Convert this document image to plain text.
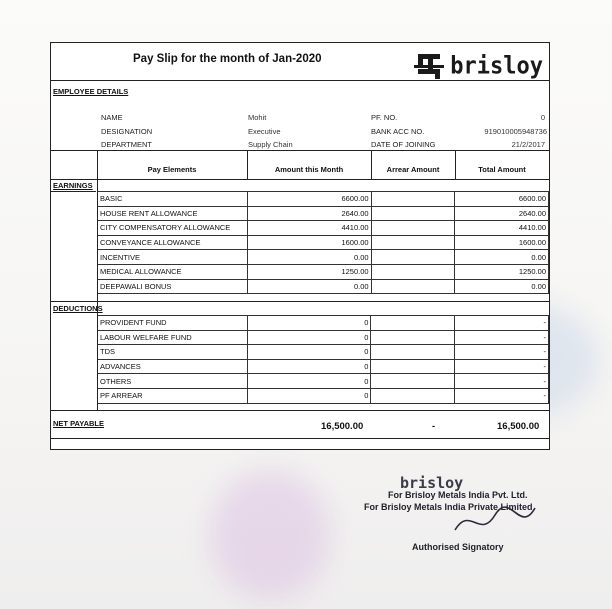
Pay Slip for the month of Jan-2020	brisloy
EMPLOYEE DETAILS
NAME	Mohit
DESIGNATION	Executive
DEPARTMENT	Supply Chain
PF. NO.	0
BANK ACC NO.	919010005948736
DATE OF JOINING	21/2/2017
Pay Elements	Amount this Month	Arrear Amount	Total Amount
EARNINGS
BASIC	6600.00		6600.00
HOUSE RENT ALLOWANCE	2640.00		2640.00
CITY COMPENSATORY ALLOWANCE	4410.00		4410.00
CONVEYANCE ALLOWANCE	1600.00		1600.00
INCENTIVE	0.00		0.00
MEDICAL ALLOWANCE	1250.00		1250.00
DEEPAWALI BONUS	0.00		0.00
DEDUCTIONS
PROVIDENT FUND	0		-
LABOUR WELFARE FUND	0		-
TDS	0		-
ADVANCES	0		-
OTHERS	0		-
PF ARREAR	0		-
NET PAYABLE	16,500.00	-	16,500.00
brisloy
For Brisloy Metals India Pvt. Ltd.
For Brisloy Metals India Private Limited
Authorised Signatory
